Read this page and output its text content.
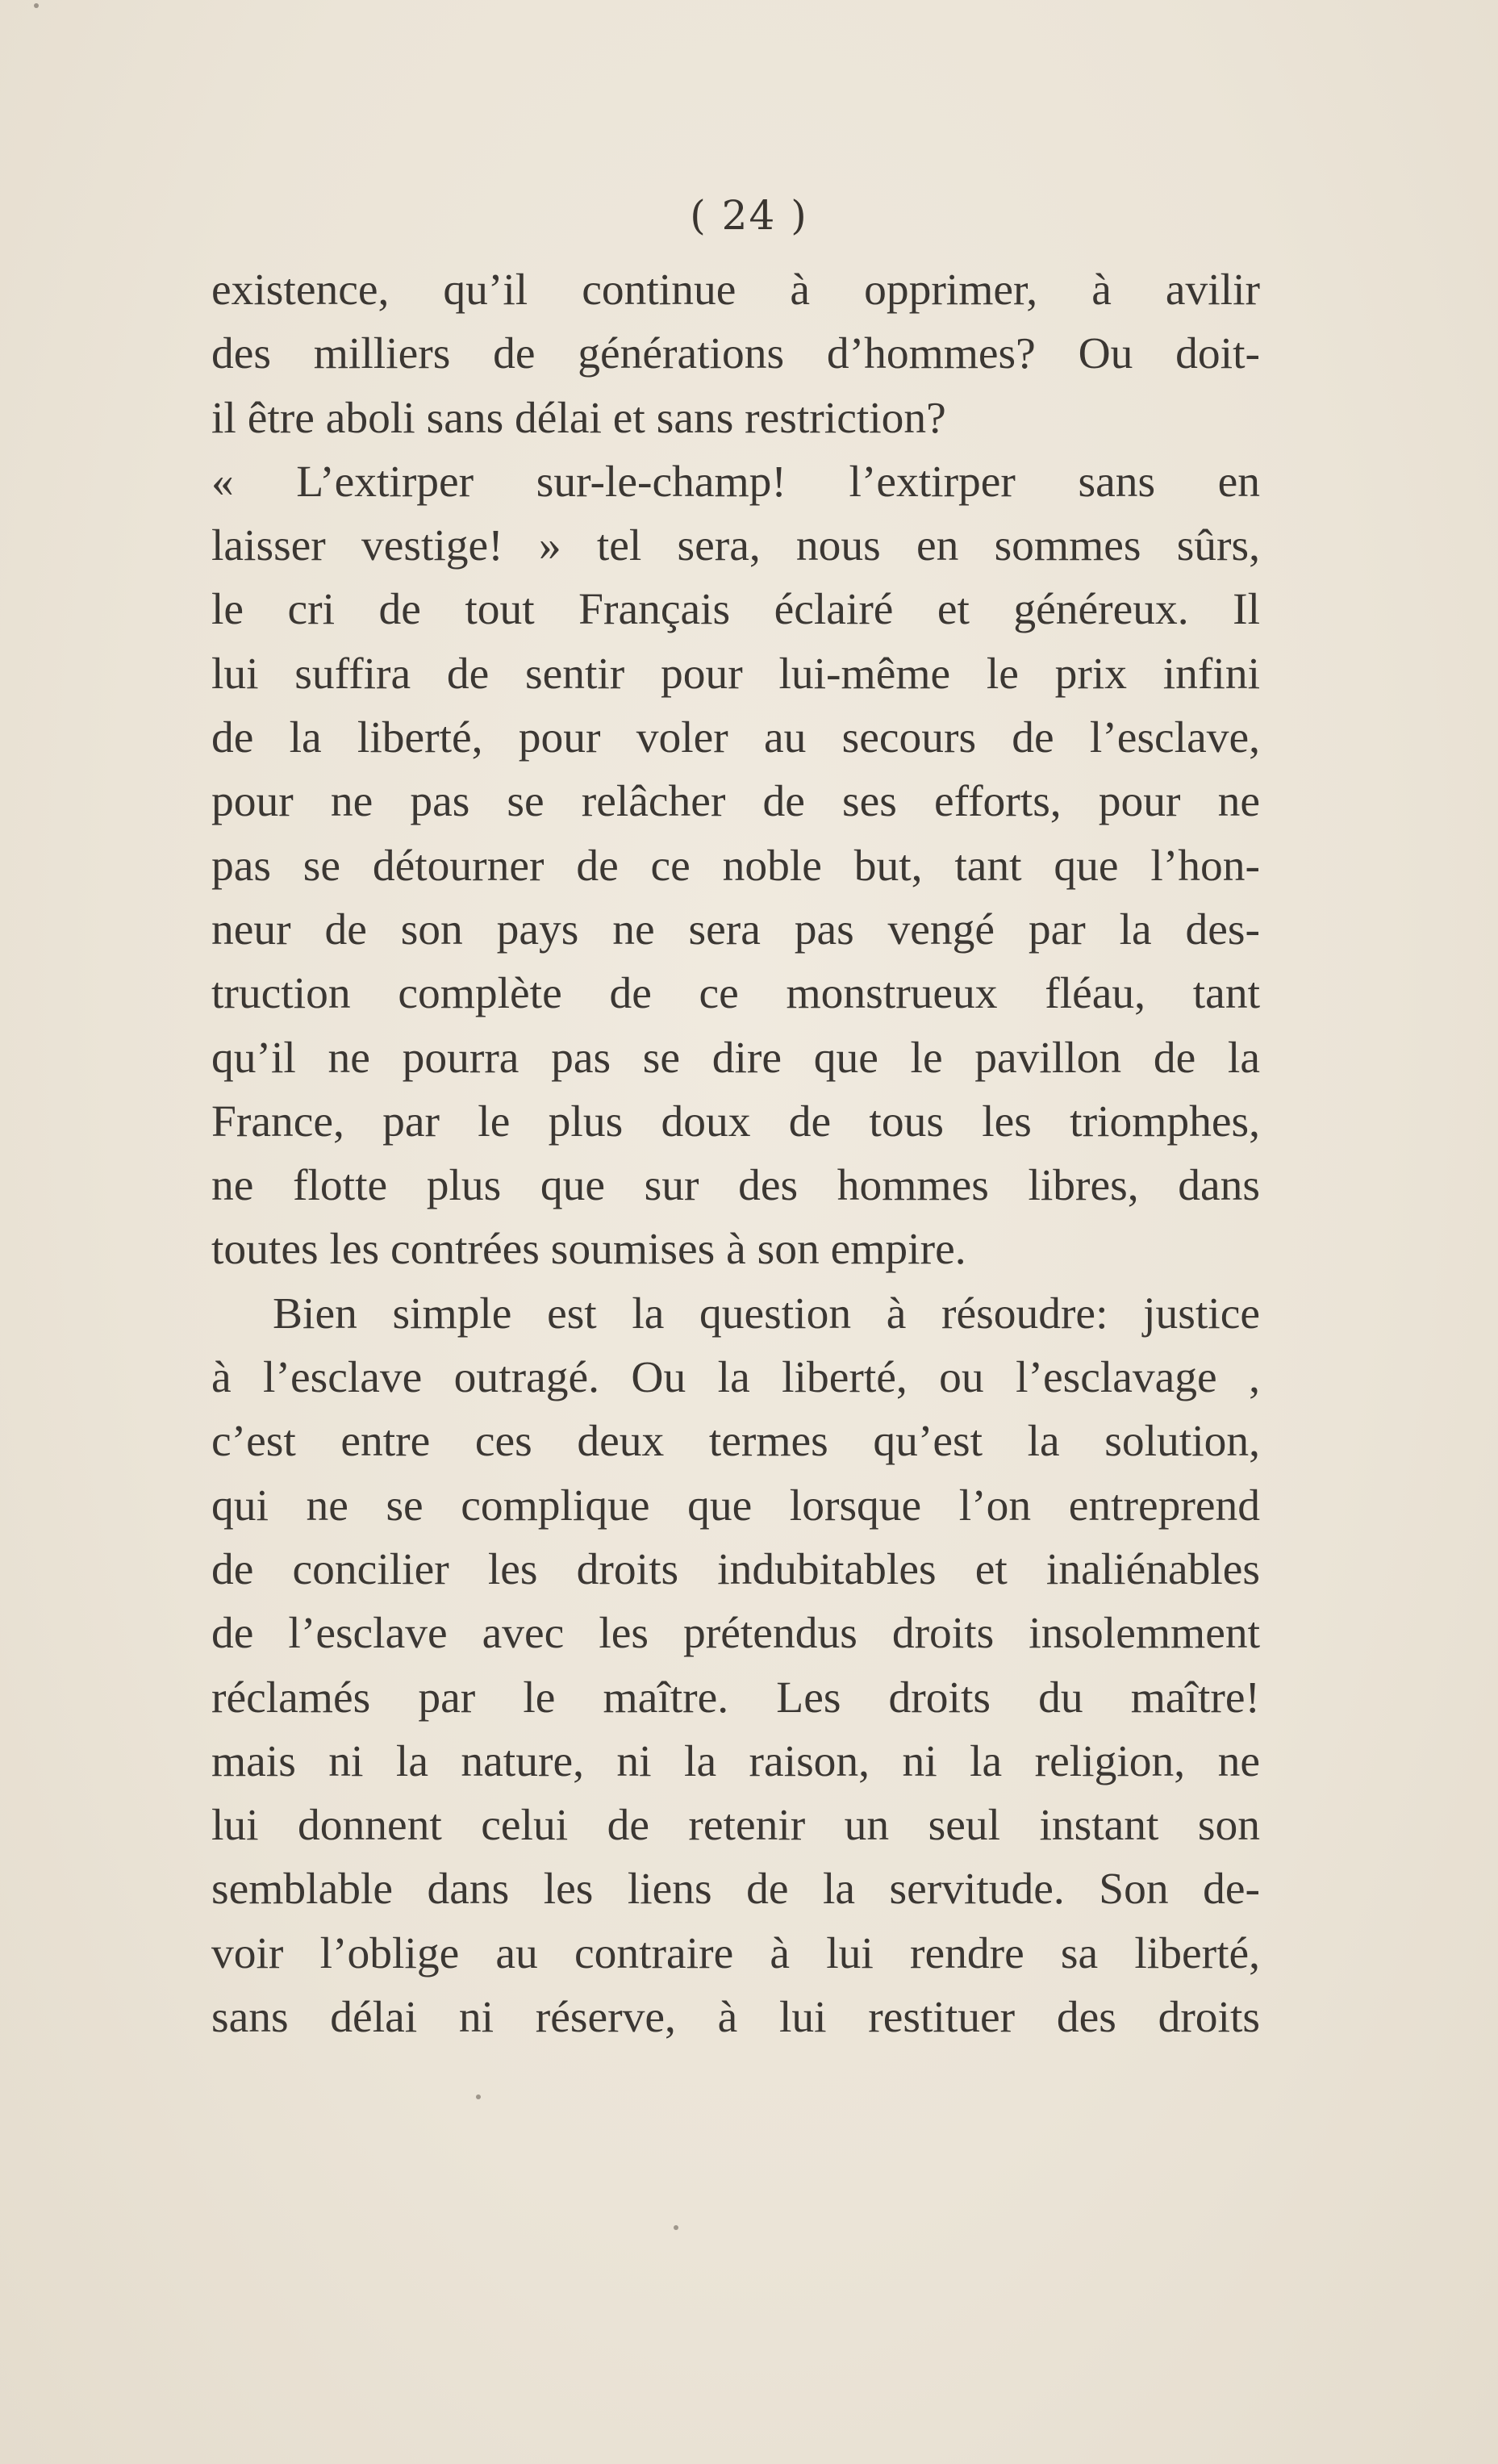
( 24 )
existence, qu’il continue à opprimer, à avilir
des milliers de générations d’hommes? Ou doit-
il être aboli sans délai et sans restriction?
« L’extirper sur-le-champ! l’extirper sans en
laisser vestige! » tel sera, nous en sommes sûrs,
le cri de tout Français éclairé et généreux. Il
lui suffira de sentir pour lui-même le prix infini
de la liberté, pour voler au secours de l’esclave,
pour ne pas se relâcher de ses efforts, pour ne
pas se détourner de ce noble but, tant que l’hon-
neur de son pays ne sera pas vengé par la des-
truction complète de ce monstrueux fléau, tant
qu’il ne pourra pas se dire que le pavillon de la
France, par le plus doux de tous les triomphes,
ne flotte plus que sur des hommes libres, dans
toutes les contrées soumises à son empire.
Bien simple est la question à résoudre: justice
à l’esclave outragé. Ou la liberté, ou l’esclavage ,
c’est entre ces deux termes qu’est la solution,
qui ne se complique que lorsque l’on entreprend
de concilier les droits indubitables et inaliénables
de l’esclave avec les prétendus droits insolemment
réclamés par le maître. Les droits du maître!
mais ni la nature, ni la raison, ni la religion, ne
lui donnent celui de retenir un seul instant son
semblable dans les liens de la servitude. Son de-
voir l’oblige au contraire à lui rendre sa liberté,
sans délai ni réserve, à lui restituer des droits
